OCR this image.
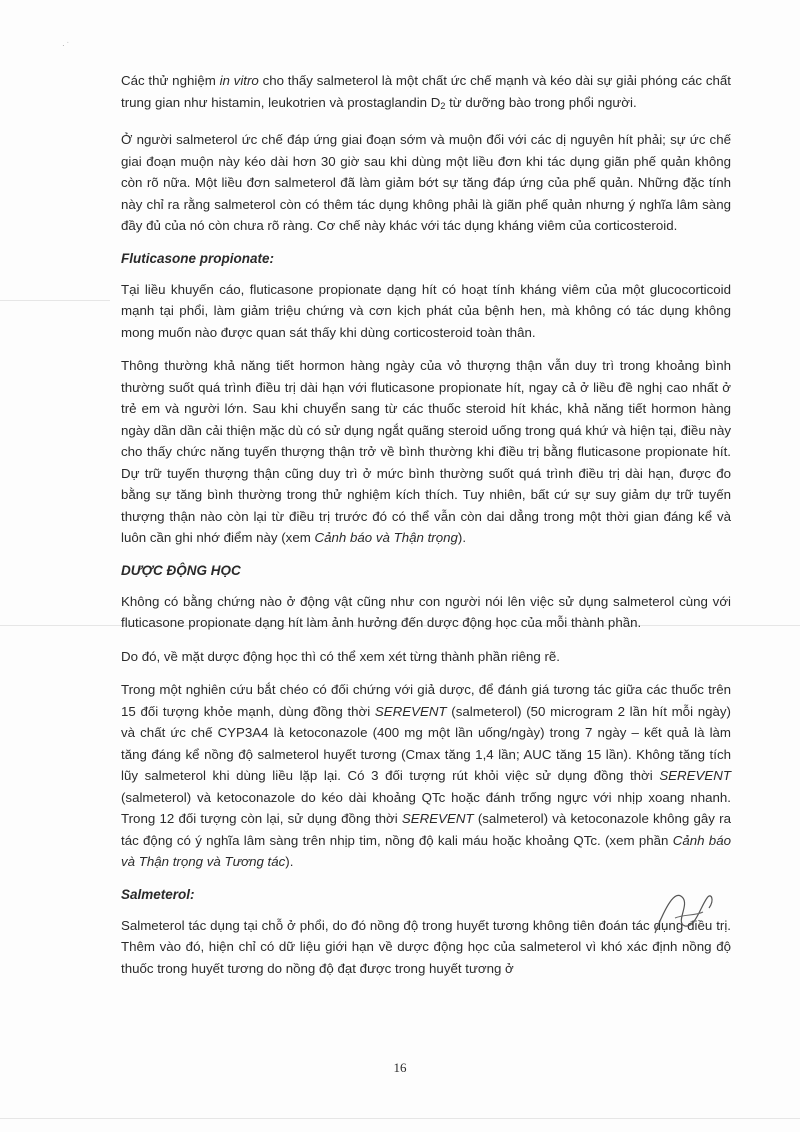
· ˙

Các thử nghiệm in vitro cho thấy salmeterol là một chất ức chế mạnh và kéo dài sự giải phóng các chất trung gian như histamin, leukotrien và prostaglandin $D_2$ từ dưỡng bào trong phổi người.

Ở người salmeterol ức chế đáp ứng giai đoạn sớm và muộn đối với các dị nguyên hít phải; sự ức chế giai đoạn muộn này kéo dài hơn 30 giờ sau khi dùng một liều đơn khi tác dụng giãn phế quản không còn rõ nữa. Một liều đơn salmeterol đã làm giảm bớt sự tăng đáp ứng của phế quản. Những đặc tính này chỉ ra rằng salmeterol còn có thêm tác dụng không phải là giãn phế quản nhưng ý nghĩa lâm sàng đầy đủ của nó còn chưa rõ ràng. Cơ chế này khác với tác dụng kháng viêm của corticosteroid.

Fluticasone propionate:

Tại liều khuyến cáo, fluticasone propionate dạng hít có hoạt tính kháng viêm của một glucocorticoid mạnh tại phổi, làm giảm triệu chứng và cơn kịch phát của bệnh hen, mà không có tác dụng không mong muốn nào được quan sát thấy khi dùng corticosteroid toàn thân.

Thông thường khả năng tiết hormon hàng ngày của vỏ thượng thận vẫn duy trì trong khoảng bình thường suốt quá trình điều trị dài hạn với fluticasone propionate hít, ngay cả ở liều đề nghị cao nhất ở trẻ em và người lớn. Sau khi chuyển sang từ các thuốc steroid hít khác, khả năng tiết hormon hàng ngày dần dần cải thiện mặc dù có sử dụng ngắt quãng steroid uống trong quá khứ và hiện tại, điều này cho thấy chức năng tuyến thượng thận trở về bình thường khi điều trị bằng fluticasone propionate hít. Dự trữ tuyến thượng thận cũng duy trì ở mức bình thường suốt quá trình điều trị dài hạn, được đo bằng sự tăng bình thường trong thử nghiệm kích thích. Tuy nhiên, bất cứ sự suy giảm dự trữ tuyến thượng thận nào còn lại từ điều trị trước đó có thể vẫn còn dai dẳng trong một thời gian đáng kể và luôn cần ghi nhớ điểm này (xem Cảnh báo và Thận trọng).

DƯỢC ĐỘNG HỌC

Không có bằng chứng nào ở động vật cũng như con người nói lên việc sử dụng salmeterol cùng với fluticasone propionate dạng hít làm ảnh hưởng đến dược động học của mỗi thành phần.

Do đó, về mặt dược động học thì có thể xem xét từng thành phần riêng rẽ.

Trong một nghiên cứu bắt chéo có đối chứng với giả dược, để đánh giá tương tác giữa các thuốc trên 15 đối tượng khỏe mạnh, dùng đồng thời SEREVENT (salmeterol) (50 microgram 2 lần hít mỗi ngày) và chất ức chế CYP3A4 là ketoconazole (400 mg một lần uống/ngày) trong 7 ngày – kết quả là làm tăng đáng kể nồng độ salmeterol huyết tương (Cmax tăng 1,4 lần; AUC tăng 15 lần). Không tăng tích lũy salmeterol khi dùng liều lặp lại. Có 3 đối tượng rút khỏi việc sử dụng đồng thời SEREVENT (salmeterol) và ketoconazole do kéo dài khoảng QTc hoặc đánh trống ngực với nhịp xoang nhanh. Trong 12 đối tượng còn lại, sử dụng đồng thời SEREVENT (salmeterol) và ketoconazole không gây ra tác động có ý nghĩa lâm sàng trên nhịp tim, nồng độ kali máu hoặc khoảng QTc. (xem phần Cảnh báo và Thận trọng và Tương tác).

Salmeterol:

Salmeterol tác dụng tại chỗ ở phổi, do đó nồng độ trong huyết tương không tiên đoán tác dụng điều trị. Thêm vào đó, hiện chỉ có dữ liệu giới hạn về dược động học của salmeterol vì khó xác định nồng độ thuốc trong huyết tương do nồng độ đạt được trong huyết tương ở

16
